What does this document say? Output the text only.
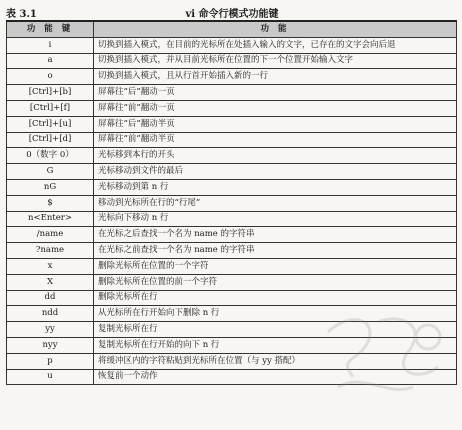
表 3.1	vi 命令行模式功能键
功 能 键	功 能
i	切换到插入模式，在目前的光标所在处插入输入的文字，已存在的文字会向后退
a	切换到插入模式，并从目前光标所在位置的下一个位置开始输入文字
o	切换到插入模式，且从行首开始插入新的一行
[Ctrl]+[b]	屏幕往“后”翻动一页
[Ctrl]+[f]	屏幕往“前”翻动一页
[Ctrl]+[u]	屏幕往“后”翻动半页
[Ctrl]+[d]	屏幕往“前”翻动半页
0（数字 0）	光标移到本行的开头
G	光标移动到文件的最后
nG	光标移动到第 n 行
$	移动到光标所在行的“行尾”
n<Enter>	光标向下移动 n 行
/name	在光标之后查找一个名为 name 的字符串
?name	在光标之前查找一个名为 name 的字符串
x	删除光标所在位置的一个字符
X	删除光标所在位置的前一个字符
dd	删除光标所在行
ndd	从光标所在行开始向下删除 n 行
yy	复制光标所在行
nyy	复制光标所在行开始的向下 n 行
p	将缓冲区内的字符粘贴到光标所在位置（与 yy 搭配）
u	恢复前一个动作
